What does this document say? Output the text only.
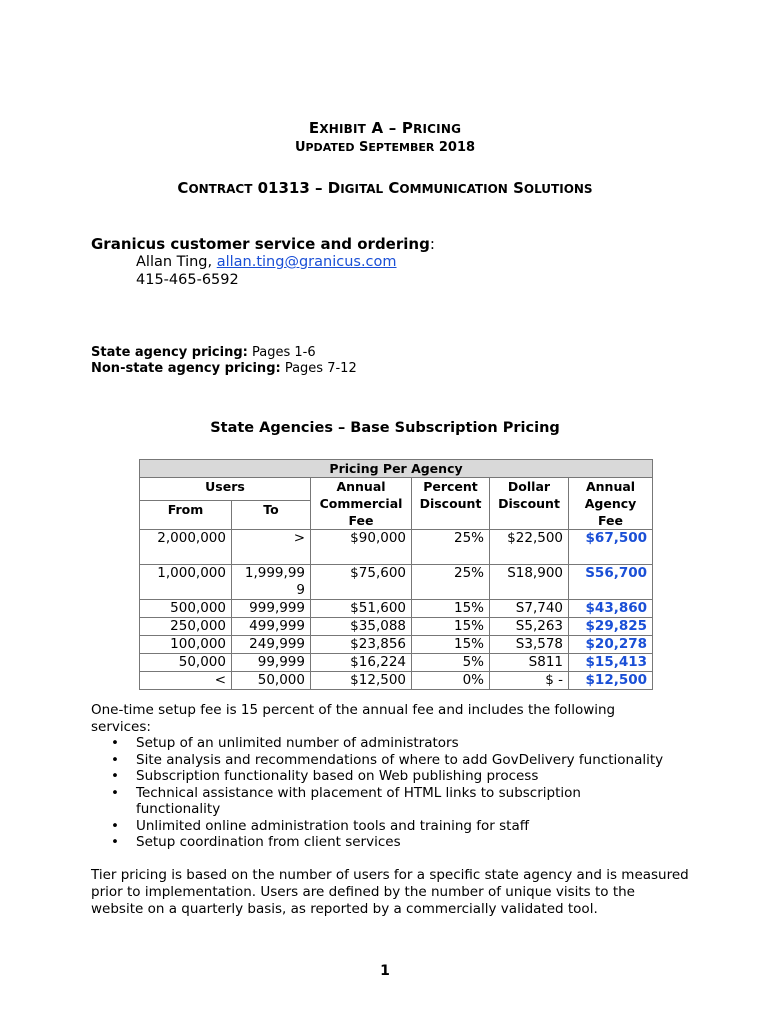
EXHIBIT A – PRICING
UPDATED SEPTEMBER 2018
CONTRACT 01313 – DIGITAL COMMUNICATION SOLUTIONS
Granicus customer service and ordering:
Allan Ting, allan.ting@granicus.com
415-465-6592
State agency pricing: Pages 1-6
Non-state agency pricing: Pages 7-12
State Agencies – Base Subscription Pricing
Pricing Per Agency					
Users		Annual Commercial Fee	Percent Discount	Dollar Discount	Annual Agency Fee
From	To				
2,000,000	>	$90,000	25%	$22,500	$67,500
1,000,000	1,999,999	$75,600	25%	S18,900	S56,700
500,000	999,999	$51,600	15%	S7,740	$43,860
250,000	499,999	$35,088	15%	S5,263	$29,825
100,000	249,999	$23,856	15%	S3,578	$20,278
50,000	99,999	$16,224	5%	S811	$15,413
<	50,000	$12,500	0%	$ -	$12,500
One-time setup fee is 15 percent of the annual fee and includes the following services:
• Setup of an unlimited number of administrators
• Site analysis and recommendations of where to add GovDelivery functionality
• Subscription functionality based on Web publishing process
• Technical assistance with placement of HTML links to subscription functionality
• Unlimited online administration tools and training for staff
• Setup coordination from client services
Tier pricing is based on the number of users for a specific state agency and is measured prior to implementation. Users are defined by the number of unique visits to the website on a quarterly basis, as reported by a commercially validated tool.
1
